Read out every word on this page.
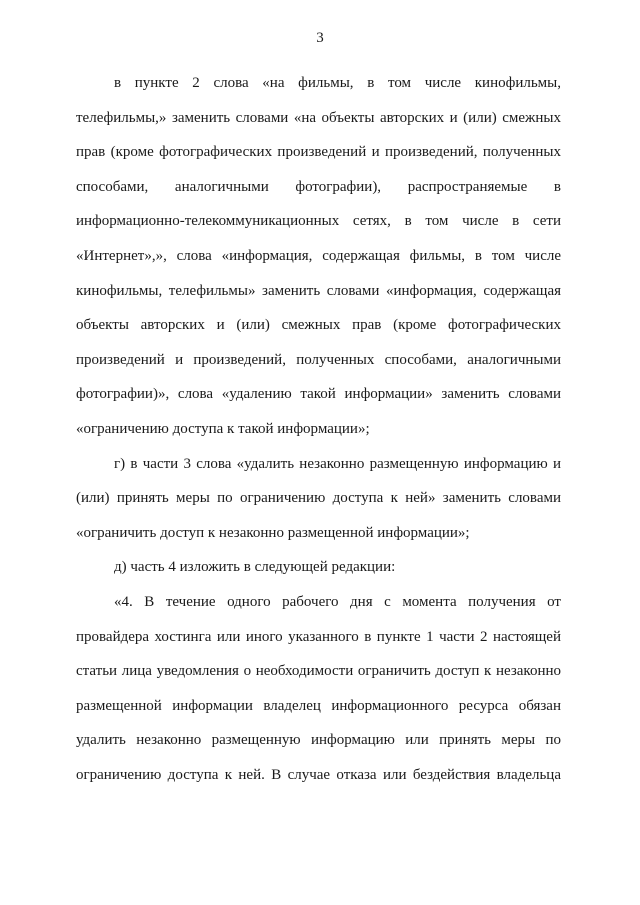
3

в пункте 2 слова «на фильмы, в том числе кинофильмы,
телефильмы,» заменить словами «на объекты авторских и (или) смежных
прав (кроме фотографических произведений и произведений, полученных
способами, аналогичными фотографии), распространяемые в
информационно-телекоммуникационных сетях, в том числе в сети
«Интернет»,», слова «информация, содержащая фильмы, в том числе
кинофильмы, телефильмы» заменить словами «информация, содержащая
объекты авторских и (или) смежных прав (кроме фотографических
произведений и произведений, полученных способами, аналогичными
фотографии)», слова «удалению такой информации» заменить словами
«ограничению доступа к такой информации»;

г) в части 3 слова «удалить незаконно размещенную информацию и
(или) принять меры по ограничению доступа к ней» заменить словами
«ограничить доступ к незаконно размещенной информации»;

д) часть 4 изложить в следующей редакции:

«4. В течение одного рабочего дня с момента получения от
провайдера хостинга или иного указанного в пункте 1 части 2 настоящей
статьи лица уведомления о необходимости ограничить доступ к незаконно
размещенной информации владелец информационного ресурса обязан
удалить незаконно размещенную информацию или принять меры по
ограничению доступа к ней. В случае отказа или бездействия владельца
